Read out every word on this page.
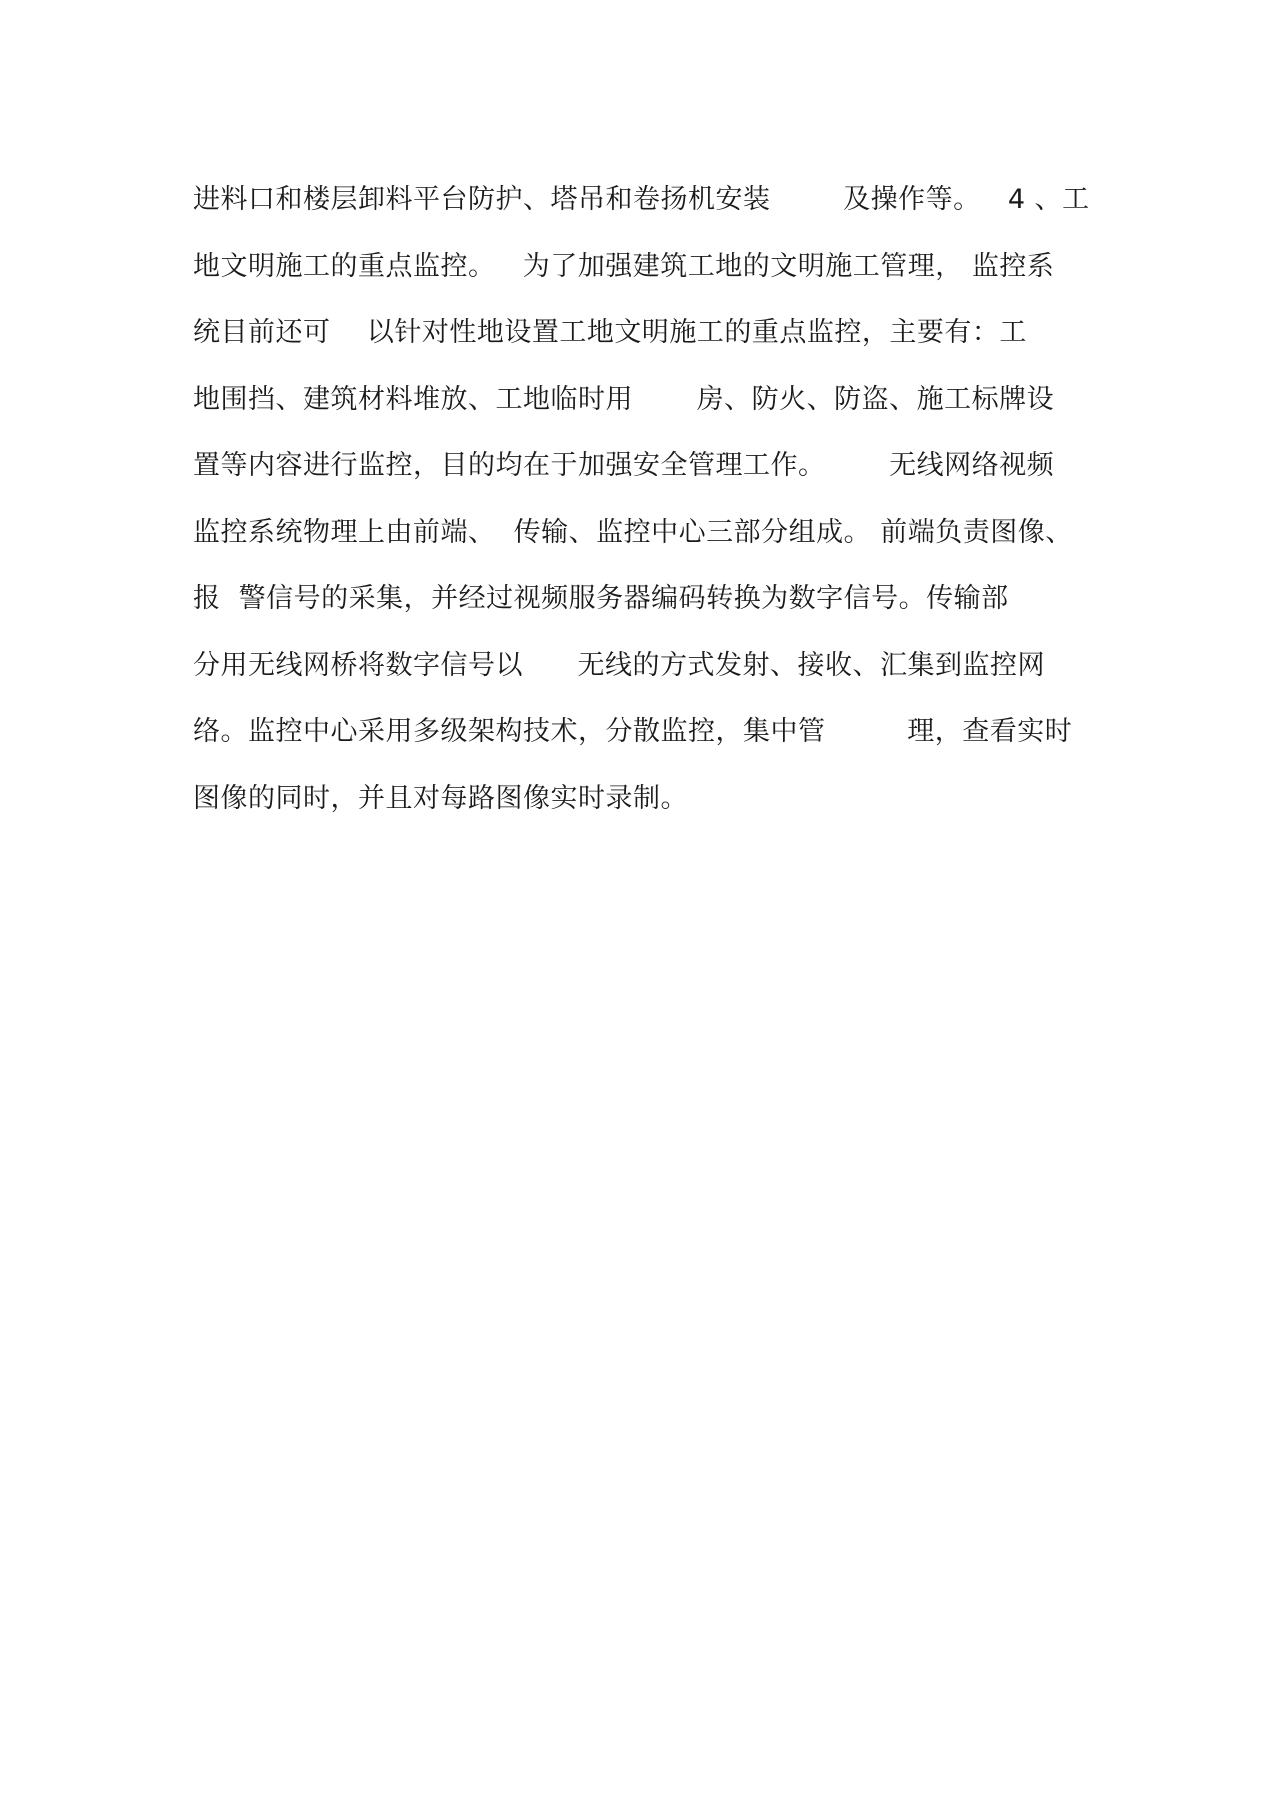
进料口和楼层卸料平台防护、塔吊和卷扬机安装        及操作等。   4 、工
地文明施工的重点监控。   为了加强建筑工地的文明施工管理， 监控系
统目前还可    以针对性地设置工地文明施工的重点监控，主要有：工
地围挡、建筑材料堆放、工地临时用       房、防火、防盗、施工标牌设
置等内容进行监控，目的均在于加强安全管理工作。       无线网络视频
监控系统物理上由前端、  传输、监控中心三部分组成。 前端负责图像、
报  警信号的采集，并经过视频服务器编码转换为数字信号。传输部
分用无线网桥将数字信号以      无线的方式发射、接收、汇集到监控网
络。监控中心采用多级架构技术，分散监控，集中管         理，查看实时
图像的同时，并且对每路图像实时录制。
